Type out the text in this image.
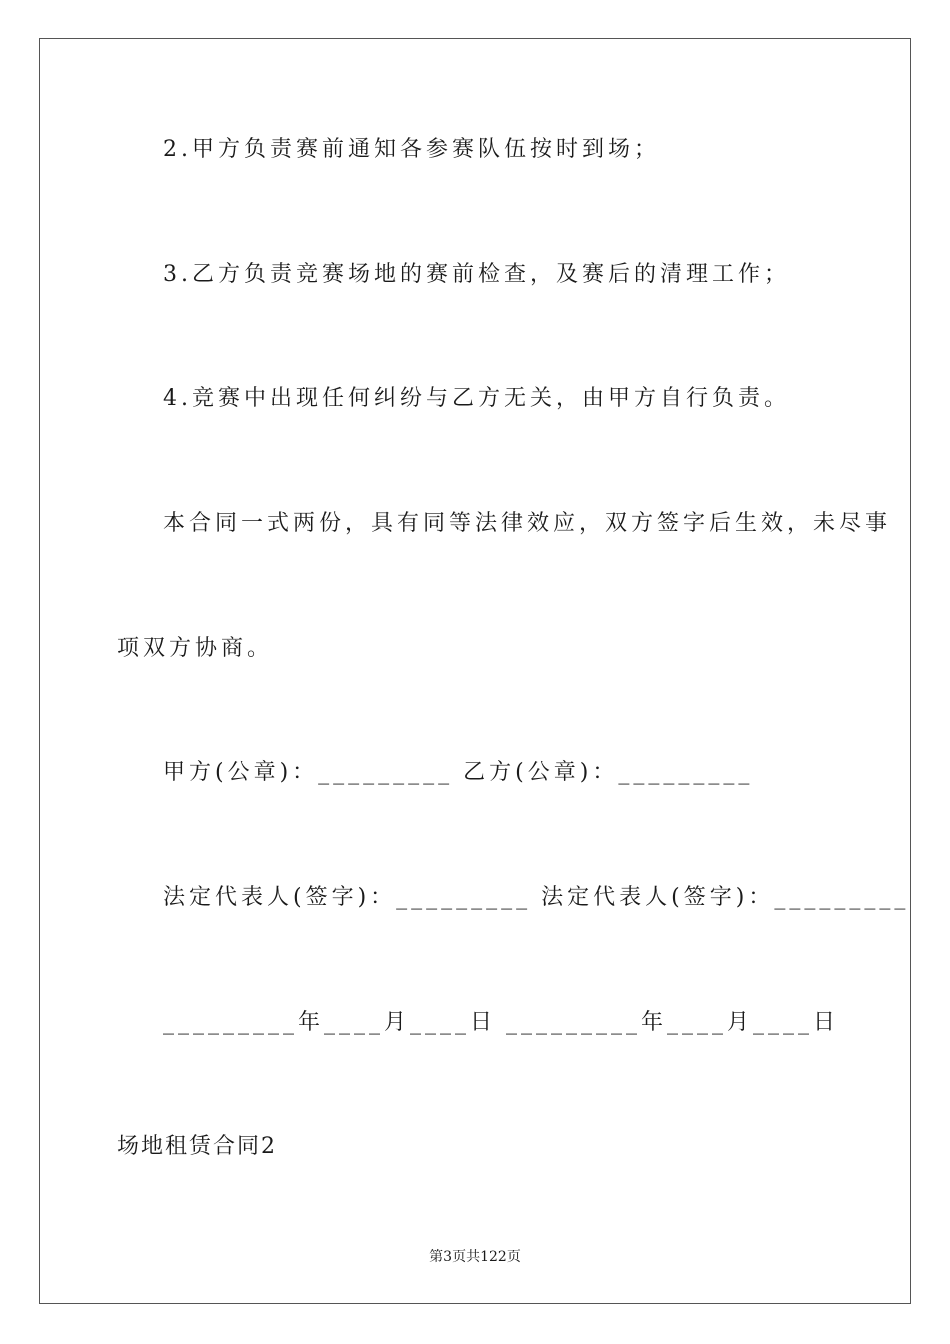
2.甲方负责赛前通知各参赛队伍按时到场；
3.乙方负责竞赛场地的赛前检查，及赛后的清理工作；
4.竞赛中出现任何纠纷与乙方无关，由甲方自行负责。
本合同一式两份，具有同等法律效应，双方签字后生效，未尽事
项双方协商。
甲方(公章)：_________ 乙方(公章)：_________
法定代表人(签字)：_________ 法定代表人(签字)：_________
_________年____月____日 _________年____月____日
场地租赁合同2
第3页共122页
